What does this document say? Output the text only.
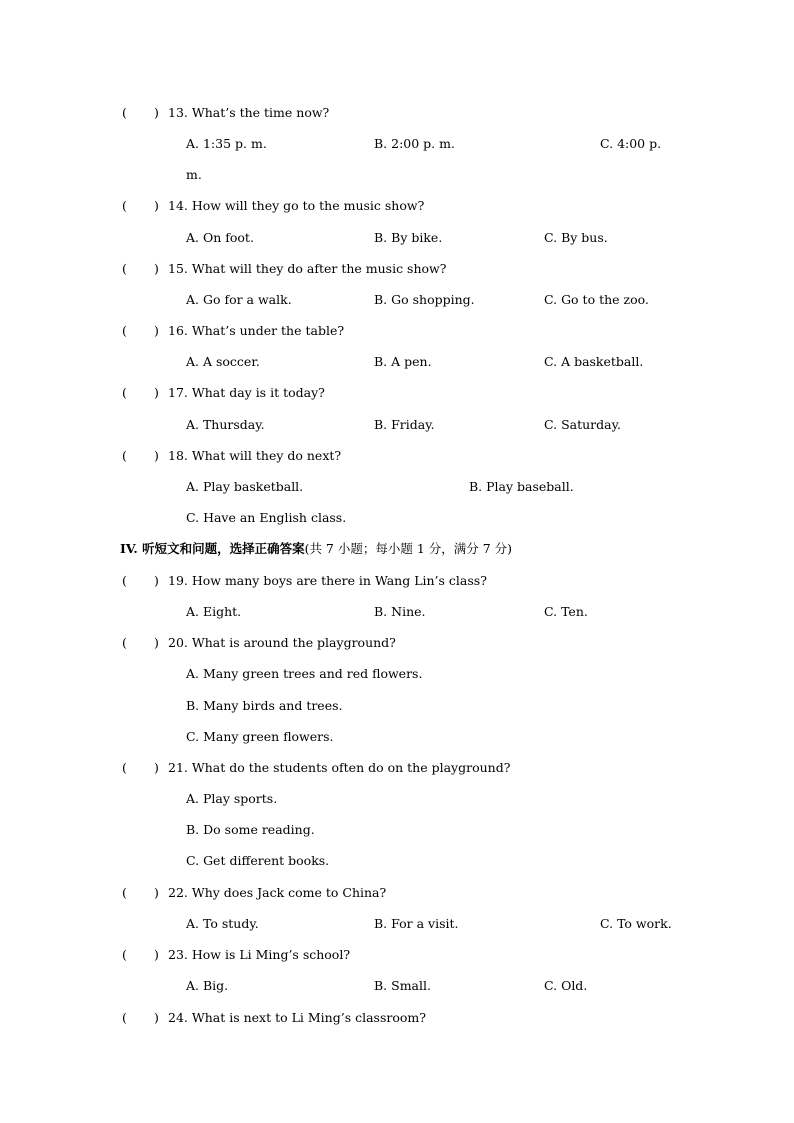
( ) 13. What’s the time now?
A. 1:35 p. m.	B. 2:00 p. m.	C. 4:00 p.
m.
( ) 14. How will they go to the music show?
A. On foot.	B. By bike.	C. By bus.
( ) 15. What will they do after the music show?
A. Go for a walk.	B. Go shopping.	C. Go to the zoo.
( ) 16. What’s under the table?
A. A soccer.	B. A pen.	C. A basketball.
( ) 17. What day is it today?
A. Thursday.	B. Friday.	C. Saturday.
( ) 18. What will they do next?
A. Play basketball.	B. Play baseball.
C. Have an English class.
IV. 听短文和问题，选择正确答案(共 7 小题；每小题 1 分，满分 7 分)
( ) 19. How many boys are there in Wang Lin’s class?
A. Eight.	B. Nine.	C. Ten.
( ) 20. What is around the playground?
A. Many green trees and red flowers.
B. Many birds and trees.
C. Many green flowers.
( ) 21. What do the students often do on the playground?
A. Play sports.
B. Do some reading.
C. Get different books.
( ) 22. Why does Jack come to China?
A. To study.	B. For a visit.	C. To work.
( ) 23. How is Li Ming’s school?
A. Big.	B. Small.	C. Old.
( ) 24. What is next to Li Ming’s classroom?
